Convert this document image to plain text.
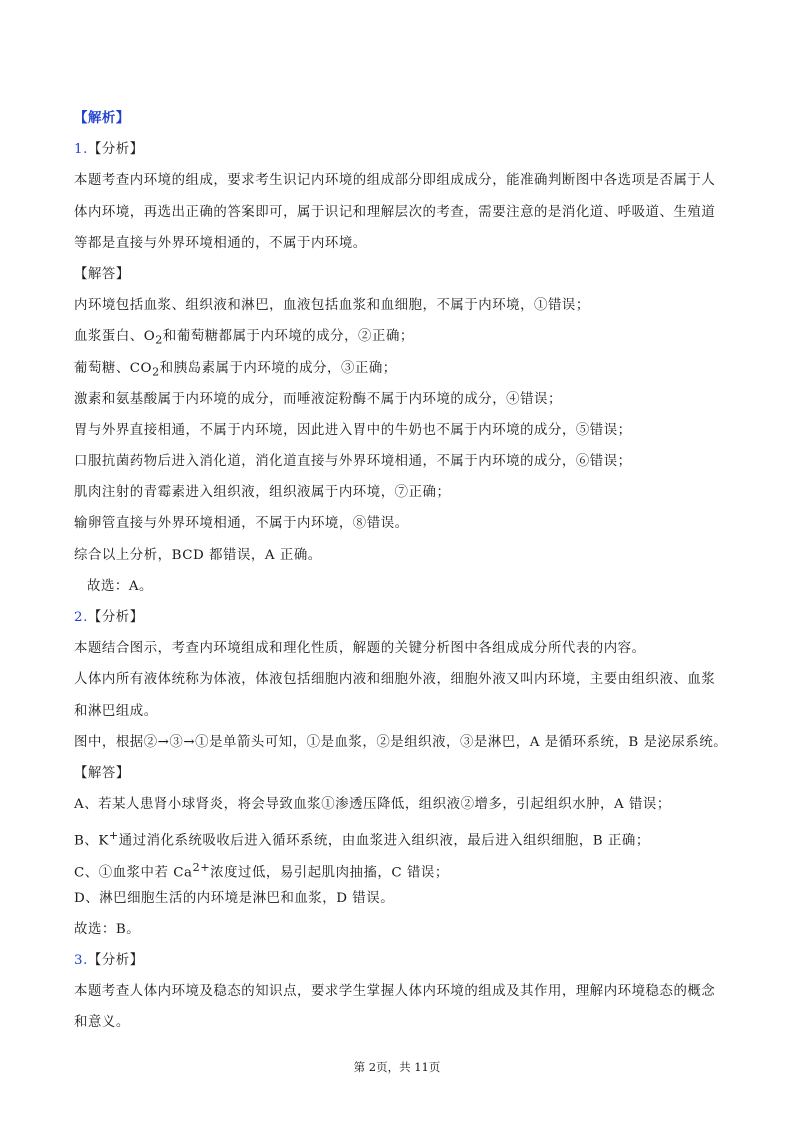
【解析】
1.【分析】
本题考查内环境的组成，要求考生识记内环境的组成部分即组成成分，能准确判断图中各选项是否属于人
体内环境，再选出正确的答案即可，属于识记和理解层次的考查，需要注意的是消化道、呼吸道、生殖道
等都是直接与外界环境相通的，不属于内环境。
【解答】
内环境包括血浆、组织液和淋巴，血液包括血浆和血细胞，不属于内环境，①错误；
血浆蛋白、$O_2$和葡萄糖都属于内环境的成分，②正确；
葡萄糖、$CO_2$和胰岛素属于内环境的成分，③正确；
激素和氨基酸属于内环境的成分，而唾液淀粉酶不属于内环境的成分，④错误；
胃与外界直接相通，不属于内环境，因此进入胃中的牛奶也不属于内环境的成分，⑤错误；
口服抗菌药物后进入消化道，消化道直接与外界环境相通，不属于内环境的成分，⑥错误；
肌肉注射的青霉素进入组织液，组织液属于内环境，⑦正确；
输卵管直接与外界环境相通，不属于内环境，⑧错误。
综合以上分析，BCD 都错误，A 正确。
故选：A。
2.【分析】
本题结合图示，考查内环境组成和理化性质，解题的关键分析图中各组成成分所代表的内容。
人体内所有液体统称为体液，体液包括细胞内液和细胞外液，细胞外液又叫内环境，主要由组织液、血浆
和淋巴组成。
图中，根据②→③→①是单箭头可知，①是血浆，②是组织液，③是淋巴，A 是循环系统，B 是泌尿系统。
【解答】
A、若某人患肾小球肾炎，将会导致血浆①渗透压降低，组织液②增多，引起组织水肿，A 错误；
B、K+通过消化系统吸收后进入循环系统，由血浆进入组织液，最后进入组织细胞，B 正确；
C、①血浆中若 $Ca^{2+}$浓度过低，易引起肌肉抽搐，C 错误；
D、淋巴细胞生活的内环境是淋巴和血浆，D 错误。
故选：B。
3.【分析】
本题考查人体内环境及稳态的知识点，要求学生掌握人体内环境的组成及其作用，理解内环境稳态的概念
和意义。
第 2页，共 11页
